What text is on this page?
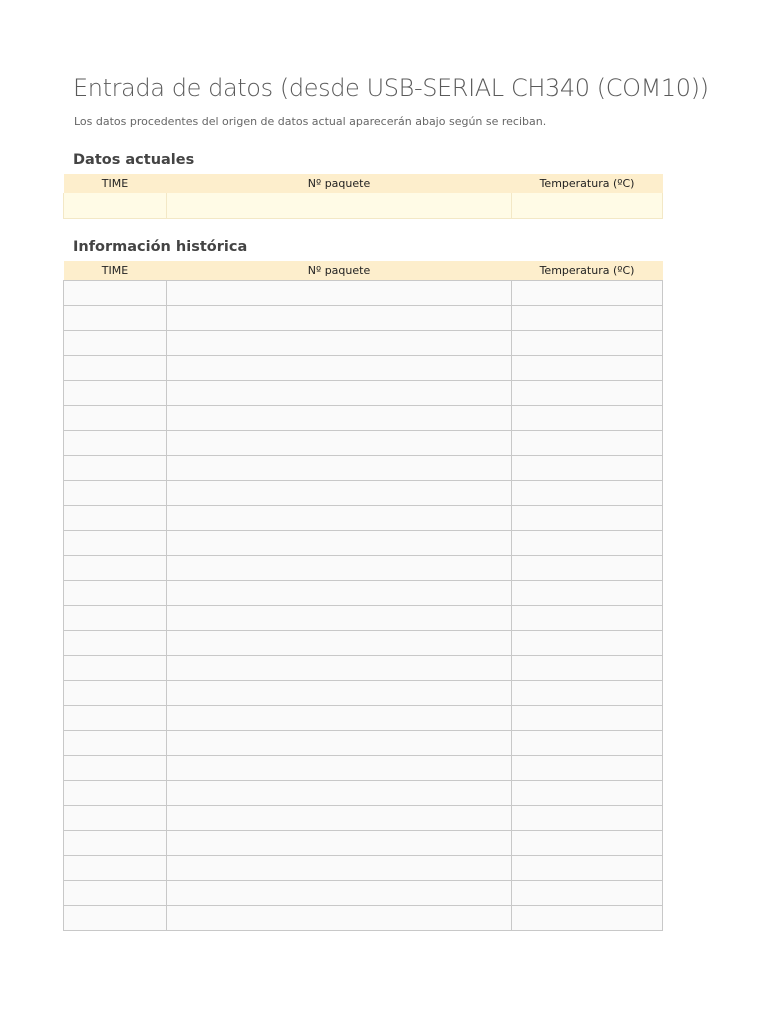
Entrada de datos (desde USB-SERIAL CH340 (COM10))

Los datos procedentes del origen de datos actual aparecerán abajo según se reciban.

Datos actuales
TIME	Nº paquete	Temperatura (ºC)

Información histórica
TIME	Nº paquete	Temperatura (ºC)
